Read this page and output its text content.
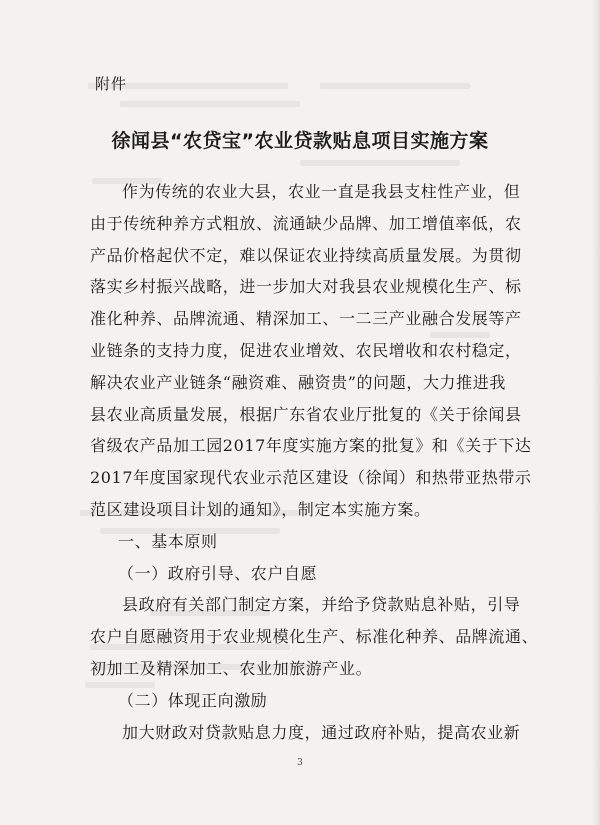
附件
徐闻县“农贷宝”农业贷款贴息项目实施方案
作为传统的农业大县，农业一直是我县支柱性产业，但
由于传统种养方式粗放、流通缺少品牌、加工增值率低，农
产品价格起伏不定，难以保证农业持续高质量发展。为贯彻
落实乡村振兴战略，进一步加大对我县农业规模化生产、标
准化种养、品牌流通、精深加工、一二三产业融合发展等产
业链条的支持力度，促进农业增效、农民增收和农村稳定，
解决农业产业链条“融资难、融资贵”的问题，大力推进我
县农业高质量发展，根据广东省农业厅批复的《关于徐闻县
省级农产品加工园2017年度实施方案的批复》和《关于下达
2017年度国家现代农业示范区建设（徐闻）和热带亚热带示
范区建设项目计划的通知》，制定本实施方案。
一、基本原则
（一）政府引导、农户自愿
县政府有关部门制定方案，并给予贷款贴息补贴，引导
农户自愿融资用于农业规模化生产、标准化种养、品牌流通、
初加工及精深加工、农业加旅游产业。
（二）体现正向激励
加大财政对贷款贴息力度，通过政府补贴，提高农业新
3
